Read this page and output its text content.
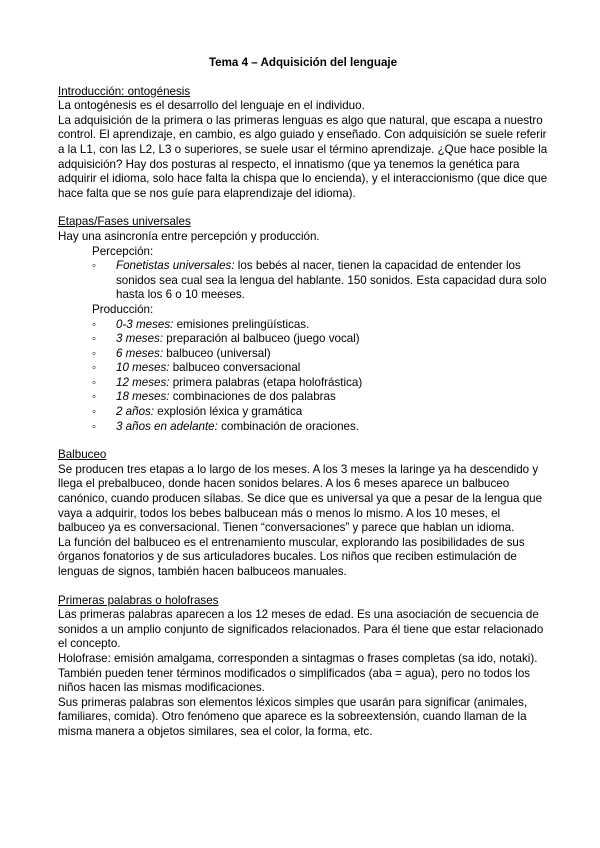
Tema 4 – Adquisición del lenguaje

Introducción: ontogénesis

La ontogénesis es el desarrollo del lenguaje en el individuo.

La adquisición de la primera o las primeras lenguas es algo que natural, que escapa a nuestro control. El aprendizaje, en cambio, es algo guiado y enseñado. Con adquisición se suele referir a la L1, con las L2, L3 o superiores, se suele usar el término aprendizaje. ¿Que hace posible la adquisición? Hay dos posturas al respecto, el innatismo (que ya tenemos la genética para adquirir el idioma, solo hace falta la chispa que lo encienda), y el interaccionismo (que dice que hace falta que se nos guíe para elaprendizaje del idioma).

Etapas/Fases universales

Hay una asincronía entre percepción y producción.

Percepción:

◦ Fonetistas universales: los bebés al nacer, tienen la capacidad de entender los sonidos sea cual sea la lengua del hablante. 150 sonidos. Esta capacidad dura solo hasta los 6 o 10 meeses.

Producción:

◦ 0-3 meses: emisiones prelingüísticas.
◦ 3 meses: preparación al balbuceo (juego vocal)
◦ 6 meses: balbuceo (universal)
◦ 10 meses: balbuceo conversacional
◦ 12 meses: primera palabras (etapa holofrástica)
◦ 18 meses: combinaciones de dos palabras
◦ 2 años: explosión léxica y gramática
◦ 3 años en adelante: combinación de oraciones.

Balbuceo

Se producen tres etapas a lo largo de los meses. A los 3 meses la laringe ya ha descendido y llega el prebalbuceo, donde hacen sonidos belares. A los 6 meses aparece un balbuceo canónico, cuando producen sílabas. Se dice que es universal ya que a pesar de la lengua que vaya a adquirir, todos los bebes balbucean más o menos lo mismo. A los 10 meses, el balbuceo ya es conversacional. Tienen “conversaciones” y parece que hablan un idioma.

La función del balbuceo es el entrenamiento muscular, explorando las posibilidades de sus órganos fonatorios y de sus articuladores bucales. Los niños que reciben estimulación de lenguas de signos, también hacen balbuceos manuales.

Primeras palabras o holofrases

Las primeras palabras aparecen a los 12 meses de edad. Es una asociación de secuencia de sonidos a un amplio conjunto de significados relacionados. Para él tiene que estar relacionado el concepto.

Holofrase: emisión amalgama, corresponden a sintagmas o frases completas (sa ido, notaki).

También pueden tener términos modificados o simplificados (aba = agua), pero no todos los niños hacen las mismas modificaciones.

Sus primeras palabras son elementos léxicos simples que usarán para significar (animales, familiares, comida). Otro fenómeno que aparece es la sobreextensión, cuando llaman de la misma manera a objetos similares, sea el color, la forma, etc.
